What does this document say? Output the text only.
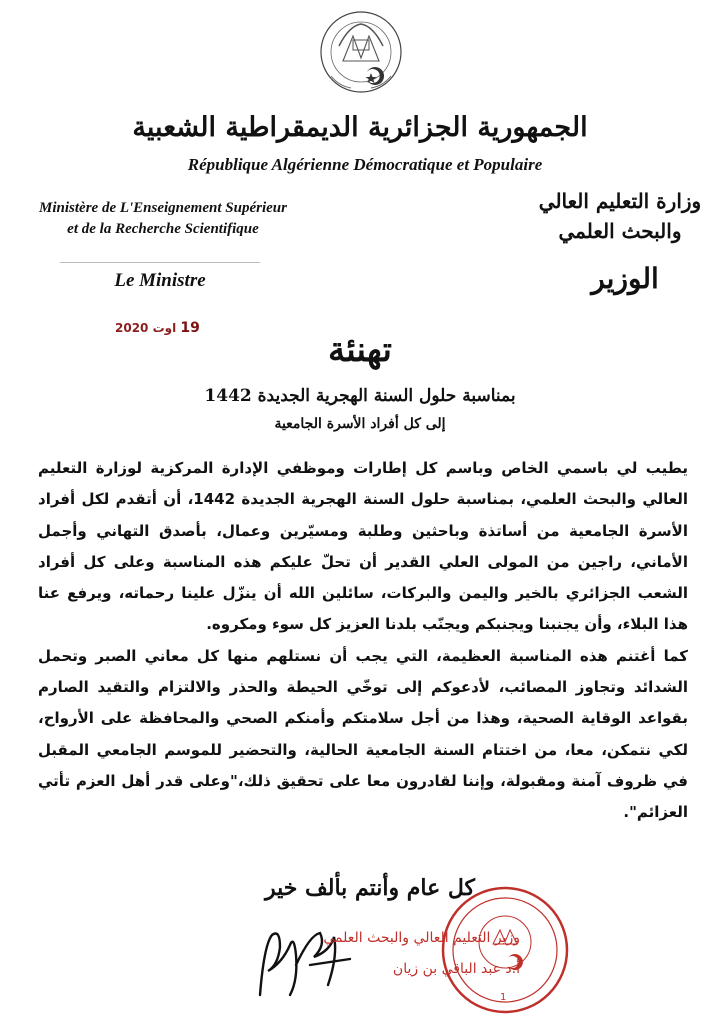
الجمهورية الجزائرية الديمقراطية الشعبية
République Algérienne Démocratique et Populaire
Ministère de L'Enseignement Supérieur
et de la Recherche Scientifique
وزارة التعليم العالي
والبحث العلمي
Le Ministre	الوزير
19 اوت 2020
تهنئة
بمناسبة حلول السنة الهجرية الجديدة 1442
إلى كل أفراد الأسرة الجامعية

يطيب لي باسمي الخاص وباسم كل إطارات وموظفي الإدارة المركزية لوزارة التعليم العالي والبحث العلمي، بمناسبة حلول السنة الهجرية الجديدة 1442، أن أتقدم لكل أفراد الأسرة الجامعية من أساتذة وباحثين وطلبة ومسيّرين وعمال، بأصدق التهاني وأجمل الأماني، راجين من المولى العلي القدير أن تحلّ عليكم هذه المناسبة وعلى كل أفراد الشعب الجزائري بالخير واليمن والبركات، سائلين الله أن ينزّل علينا رحماته، ويرفع عنا هذا البلاء، وأن يجنبنا ويجنبكم ويجنّب بلدنا العزيز كل سوء ومكروه.

كما أغتنم هذه المناسبة العظيمة، التي يجب أن نستلهم منها كل معاني الصبر وتحمل الشدائد وتجاوز المصائب، لأدعوكم إلى توخّي الحيطة والحذر والالتزام والتقيد الصارم بقواعد الوقاية الصحية، وهذا من أجل سلامتكم وأمنكم الصحي والمحافظة على الأرواح، لكي نتمكن، معا، من اختتام السنة الجامعية الحالية، والتحضير للموسم الجامعي المقبل في ظروف آمنة ومقبولة، وإننا لقادرون معا على تحقيق ذلك،"وعلى قدر أهل العزم تأتي العزائم".

كل عام وأنتم بألف خير
1
وزير التعليم العالي والبحث العلمي
أ.د عبد الباقي بن زيان
